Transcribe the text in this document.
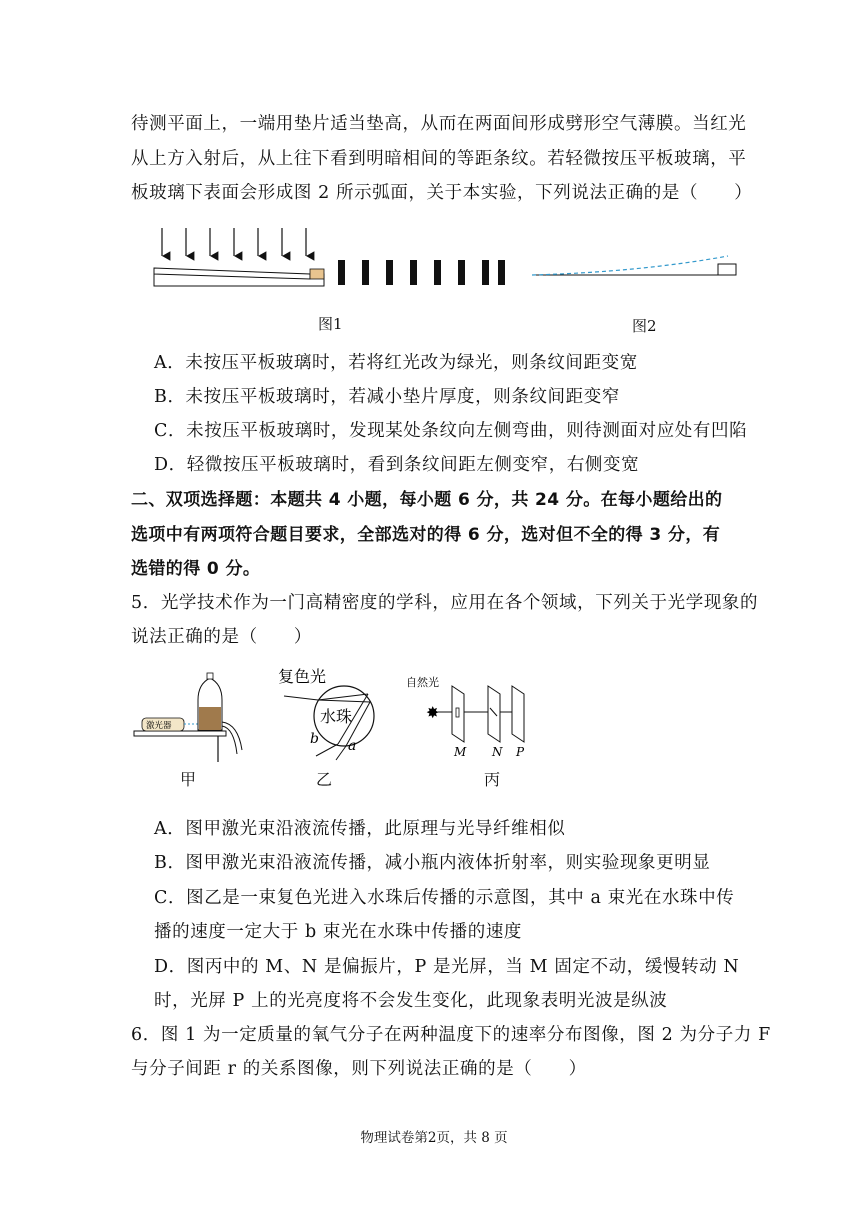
待测平面上，一端用垫片适当垫高，从而在两面间形成劈形空气薄膜。当红光
从上方入射后，从上往下看到明暗相间的等距条纹。若轻微按压平板玻璃，平
板玻璃下表面会形成图 2 所示弧面，关于本实验，下列说法正确的是（　　）
图1	图2
A．未按压平板玻璃时，若将红光改为绿光，则条纹间距变宽
B．未按压平板玻璃时，若减小垫片厚度，则条纹间距变窄
C．未按压平板玻璃时，发现某处条纹向左侧弯曲，则待测面对应处有凹陷
D．轻微按压平板玻璃时，看到条纹间距左侧变窄，右侧变宽
二、双项选择题：本题共 4 小题，每小题 6 分，共 24 分。在每小题给出的
选项中有两项符合题目要求，全部选对的得 6 分，选对但不全的得 3 分，有
选错的得 0 分。
5．光学技术作为一门高精密度的学科，应用在各个领域，下列关于光学现象的
说法正确的是（　　）
激光器
甲
复色光
水珠
b a
乙
自然光
✸
M N P
丙
A．图甲激光束沿液流传播，此原理与光导纤维相似
B．图甲激光束沿液流传播，减小瓶内液体折射率，则实验现象更明显
C．图乙是一束复色光进入水珠后传播的示意图，其中 a 束光在水珠中传
播的速度一定大于 b 束光在水珠中传播的速度
D．图丙中的 M、N 是偏振片，P 是光屏，当 M 固定不动，缓慢转动 N
时，光屏 P 上的光亮度将不会发生变化，此现象表明光波是纵波
6．图 1 为一定质量的氧气分子在两种温度下的速率分布图像，图 2 为分子力 F
与分子间距 r 的关系图像，则下列说法正确的是（　　）
物理试卷第2页，共 8 页
